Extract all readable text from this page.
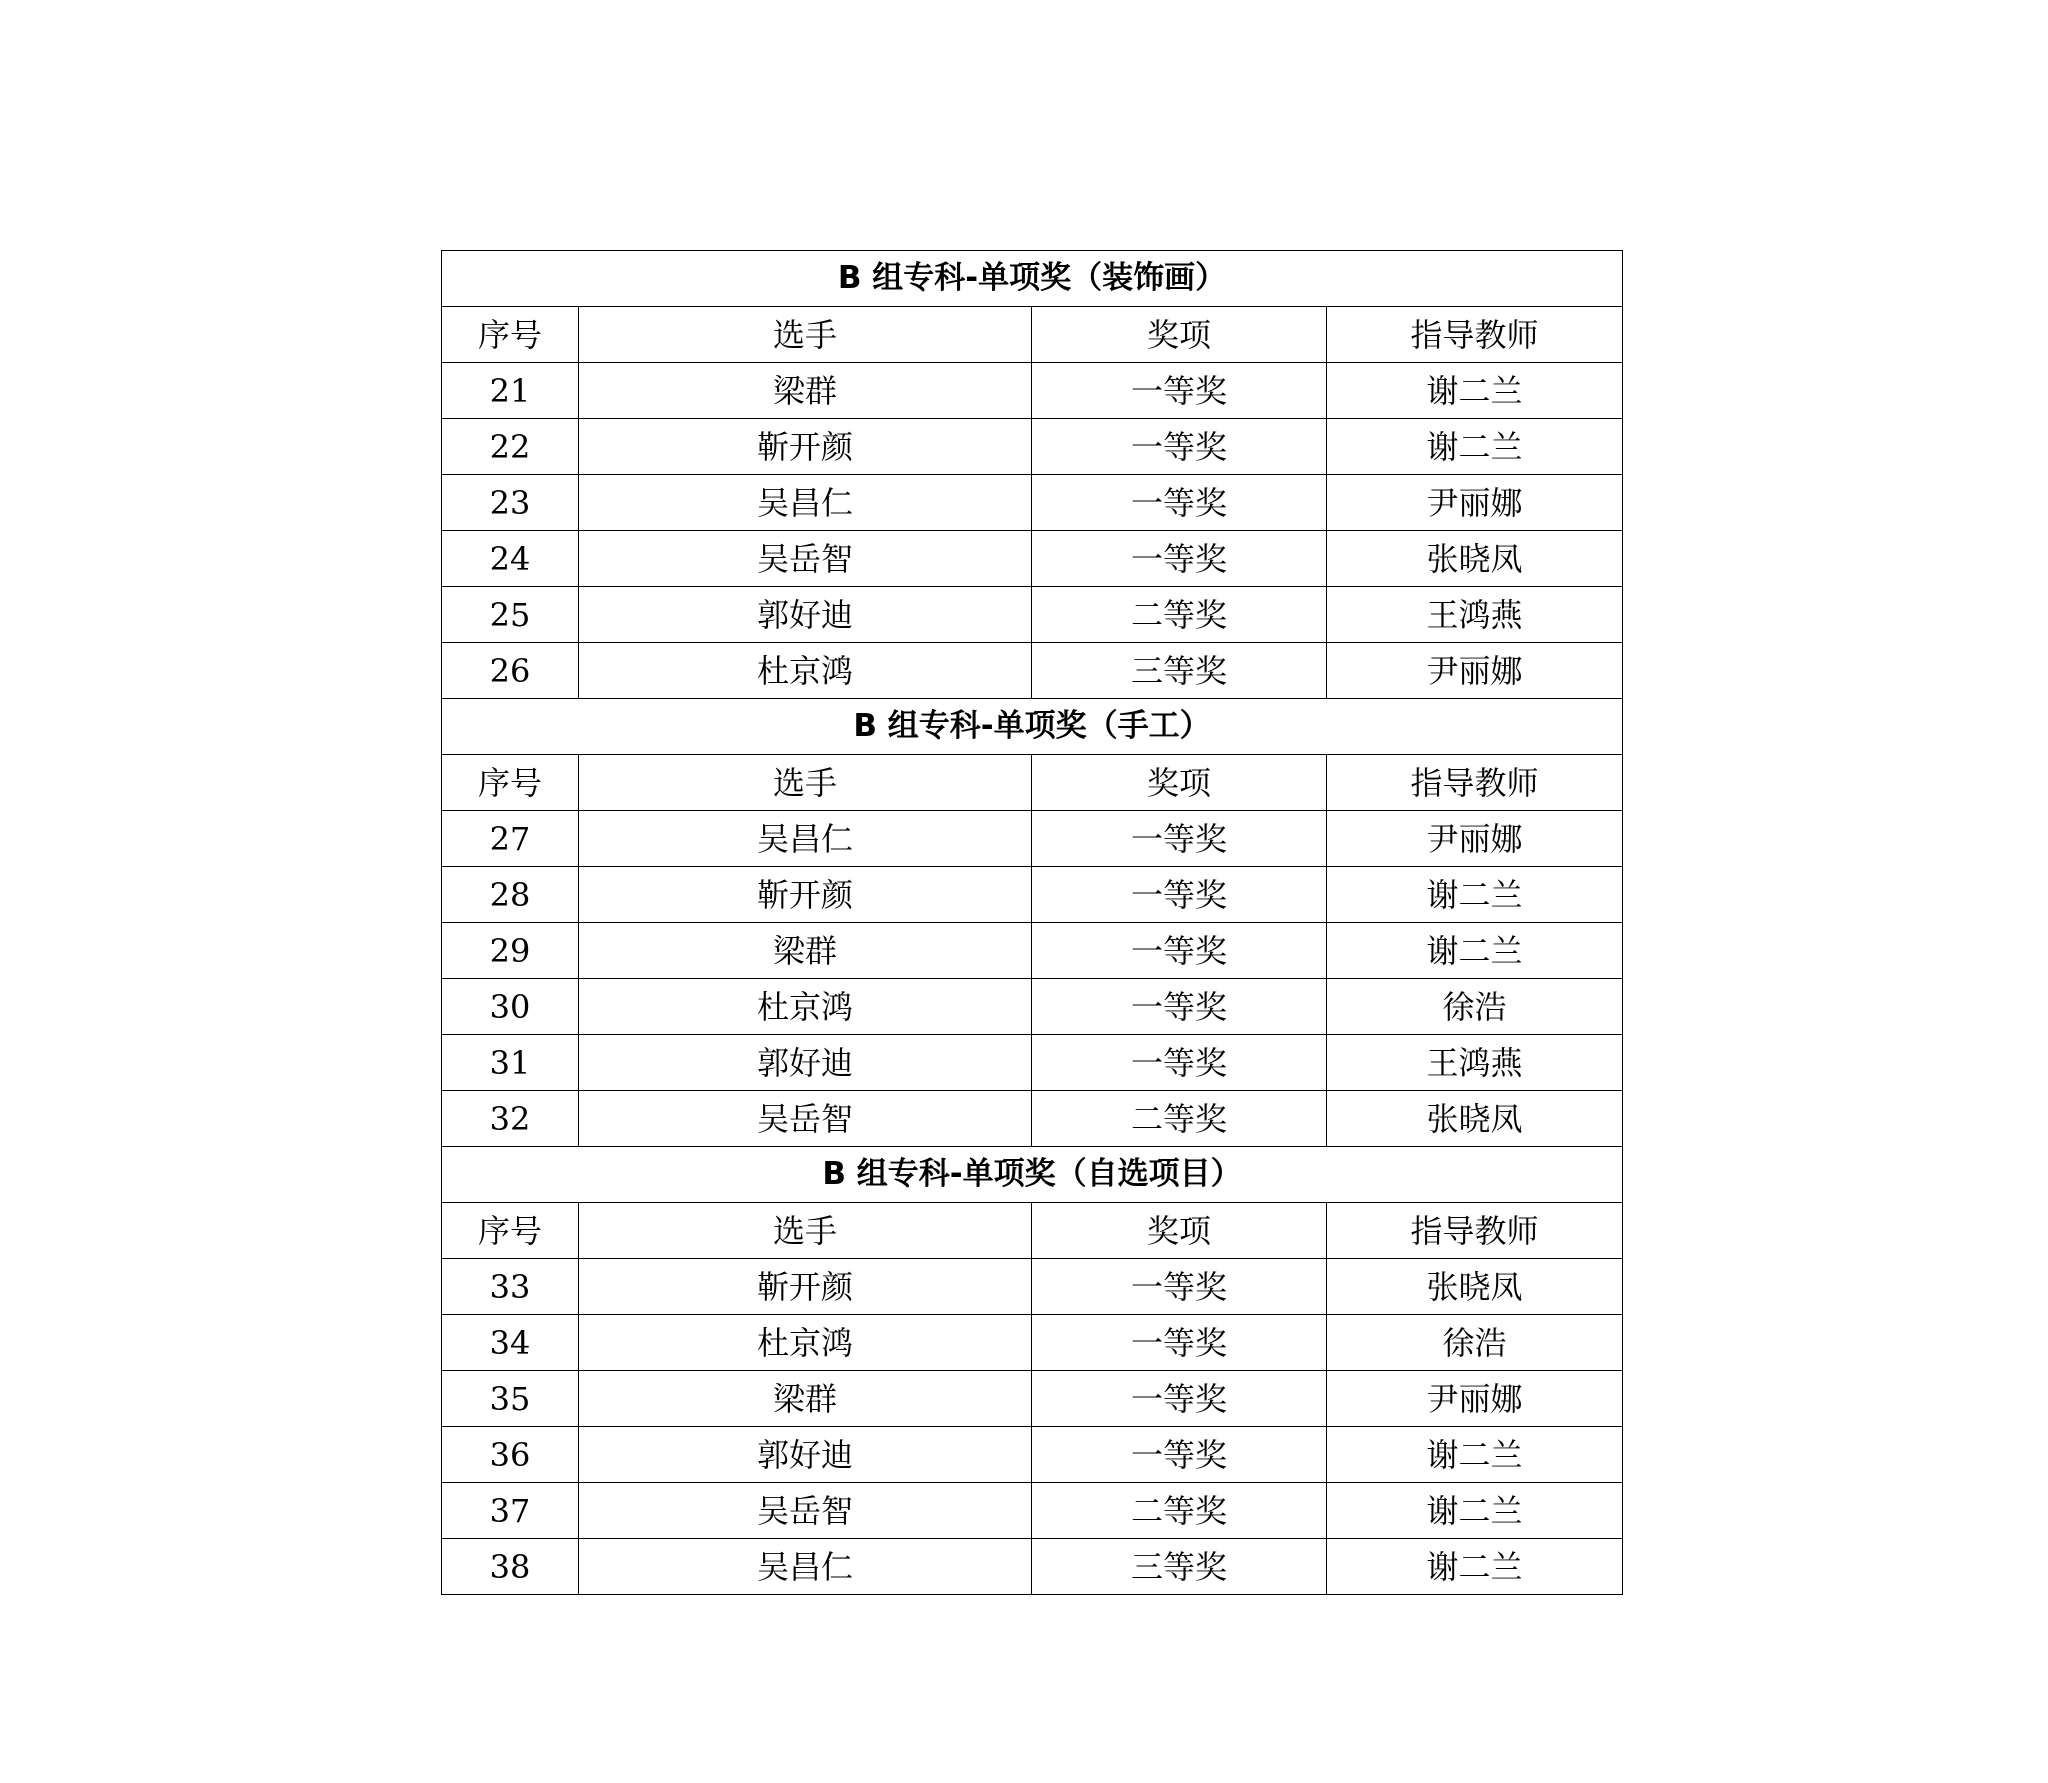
B 组专科-单项奖（装饰画）			
序号	选手	奖项	指导教师
21	梁群	一等奖	谢二兰
22	靳开颜	一等奖	谢二兰
23	吴昌仁	一等奖	尹丽娜
24	吴岳智	一等奖	张晓凤
25	郭好迪	二等奖	王鸿燕
26	杜京鸿	三等奖	尹丽娜
B 组专科-单项奖（手工）			
序号	选手	奖项	指导教师
27	吴昌仁	一等奖	尹丽娜
28	靳开颜	一等奖	谢二兰
29	梁群	一等奖	谢二兰
30	杜京鸿	一等奖	徐浩
31	郭好迪	一等奖	王鸿燕
32	吴岳智	二等奖	张晓凤
B 组专科-单项奖（自选项目）			
序号	选手	奖项	指导教师
33	靳开颜	一等奖	张晓凤
34	杜京鸿	一等奖	徐浩
35	梁群	一等奖	尹丽娜
36	郭好迪	一等奖	谢二兰
37	吴岳智	二等奖	谢二兰
38	吴昌仁	三等奖	谢二兰
